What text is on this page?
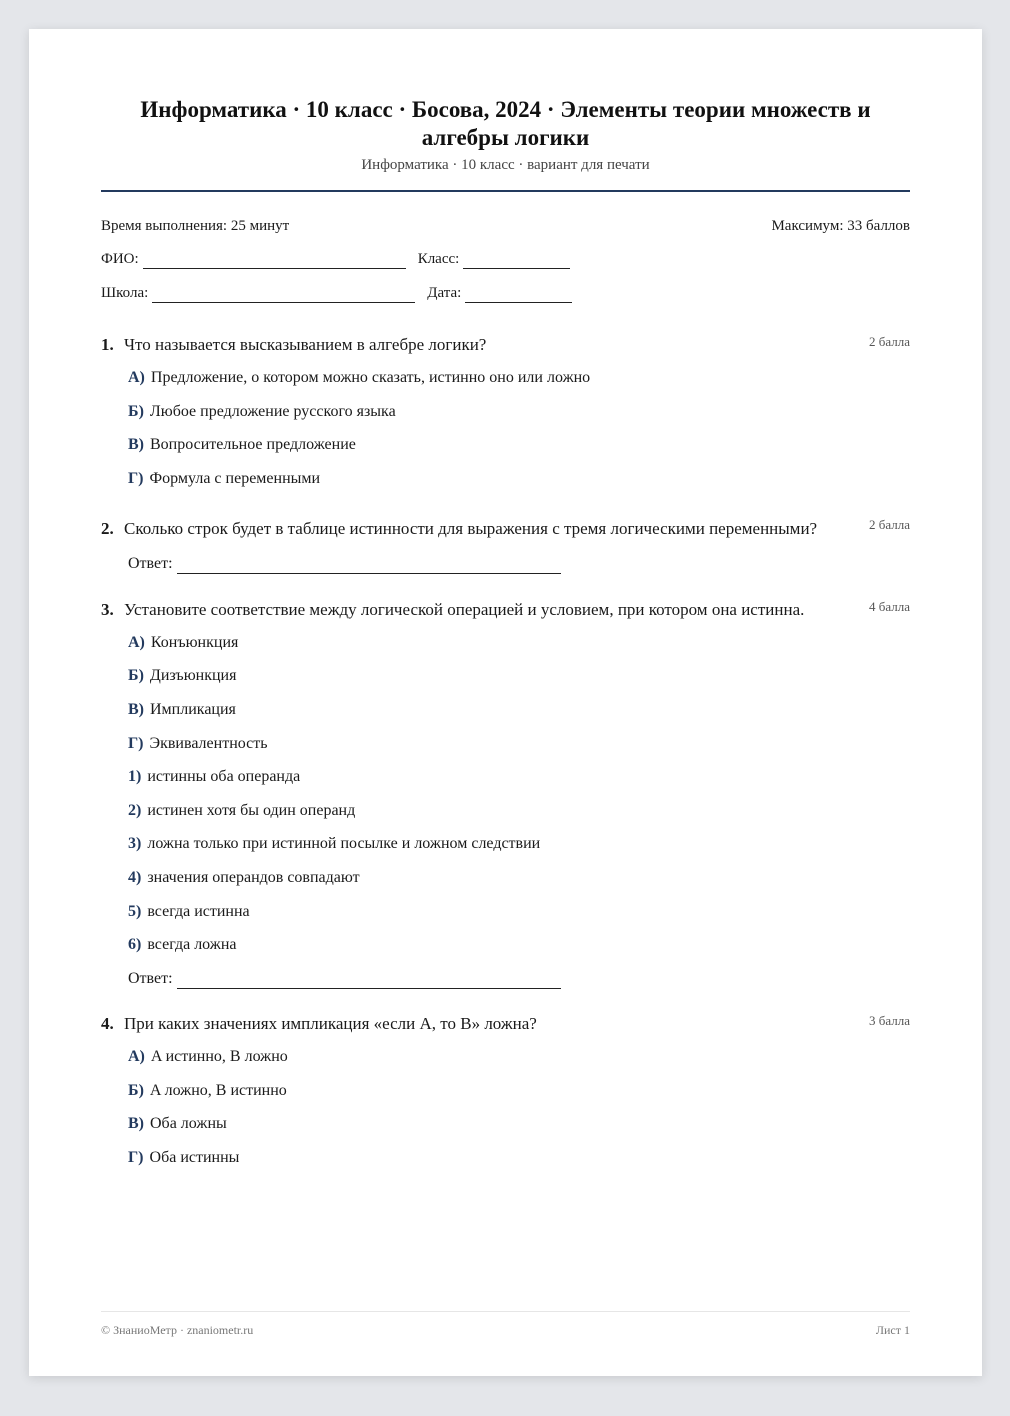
Информатика · 10 класс · Босова, 2024 · Элементы теории множеств и алгебры логики
Информатика · 10 класс · вариант для печати
Время выполнения: 25 минут	Максимум: 33 баллов
ФИО:	Класс:
Школа:	Дата:
1. Что называется высказыванием в алгебре логики?	2 балла
А) Предложение, о котором можно сказать, истинно оно или ложно
Б) Любое предложение русского языка
В) Вопросительное предложение
Г) Формула с переменными
2. Сколько строк будет в таблице истинности для выражения с тремя логическими переменными?	2 балла
Ответ:
3. Установите соответствие между логической операцией и условием, при котором она истинна.	4 балла
А) Конъюнкция
Б) Дизъюнкция
В) Импликация
Г) Эквивалентность
1) истинны оба операнда
2) истинен хотя бы один операнд
3) ложна только при истинной посылке и ложном следствии
4) значения операндов совпадают
5) всегда истинна
6) всегда ложна
Ответ:
4. При каких значениях импликация «если A, то B» ложна?	3 балла
А) A истинно, B ложно
Б) A ложно, B истинно
В) Оба ложны
Г) Оба истинны
© ЗнаниоМетр · znaniometr.ru	Лист 1
